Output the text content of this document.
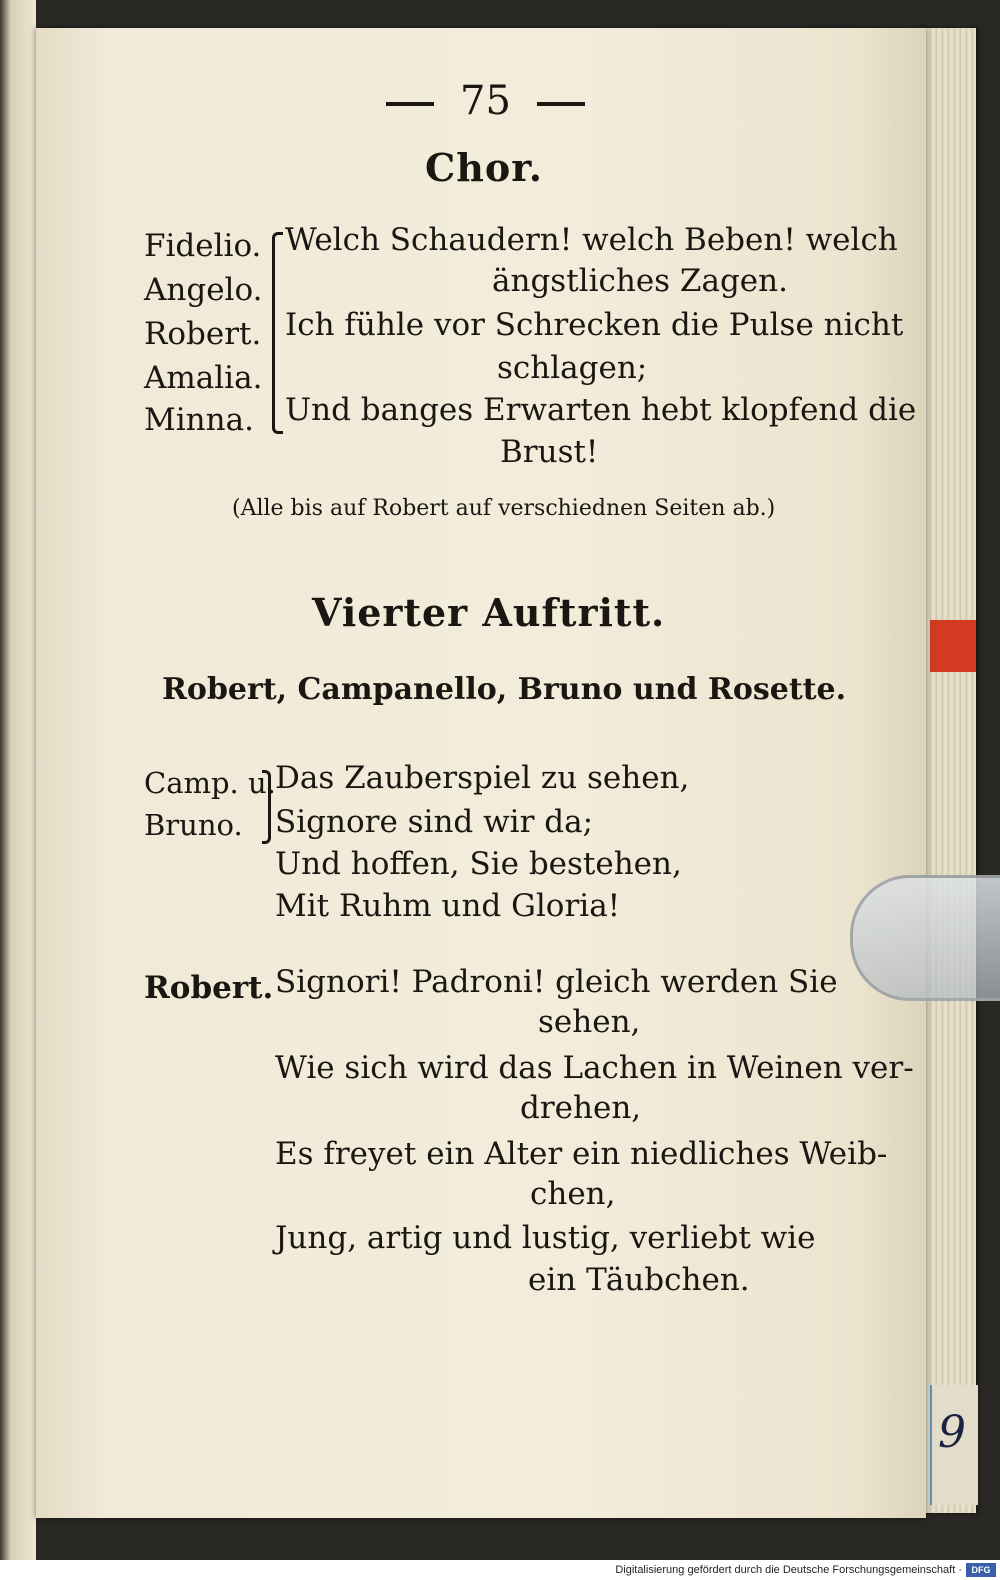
9
75
Chor.
Fidelio.
Angelo.
Robert.
Amalia.
Minna.
Welch Schaudern! welch Beben! welch
ängstliches Zagen.
Ich fühle vor Schrecken die Pulse nicht
schlagen;
Und banges Erwarten hebt klopfend die
Brust!
(Alle bis auf Robert auf verschiednen Seiten ab.)
Vierter Auftritt.
Robert, Campanello, Bruno und Rosette.
Camp. u.
Bruno.
Das Zauberspiel zu sehen,
Signore sind wir da;
Und hoffen, Sie bestehen,
Mit Ruhm und Gloria!
Robert. Signori! Padroni! gleich werden Sie
sehen,
Wie sich wird das Lachen in Weinen ver-
drehen,
Es freyet ein Alter ein niedliches Weib-
chen,
Jung, artig und lustig, verliebt wie
ein Täubchen.
Digitalisierung gefördert durch die Deutsche Forschungsgemeinschaft ·	DFG
